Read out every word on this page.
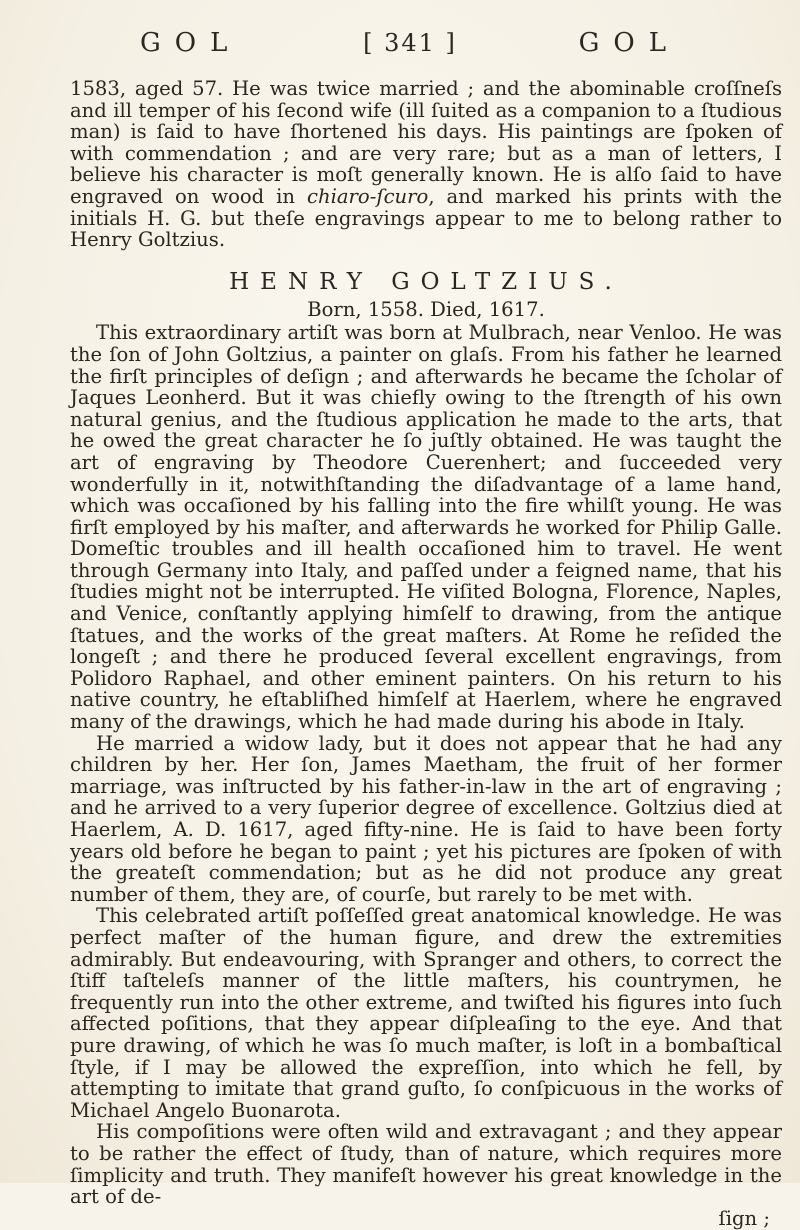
GOL	[ 341 ]	GOL

1583, aged 57. He was twice married ; and the abominable croſſneſs and ill temper of his ſecond wife (ill ſuited as a companion to a ſtudious man) is ſaid to have ſhortened his days. His paintings are ſpoken of with commendation ; and are very rare; but as a man of letters, I believe his character is moſt generally known. He is alſo ſaid to have engraved on wood in chiaro-ſcuro, and marked his prints with the initials H. G. but theſe engravings appear to me to belong rather to Henry Goltzius.

HENRY GOLTZIUS.
Born, 1558. Died, 1617.

This extraordinary artiſt was born at Mulbrach, near Venloo. He was the ſon of John Goltzius, a painter on glaſs. From his father he learned the firſt principles of deſign ; and afterwards he became the ſcholar of Jaques Leonherd. But it was chiefly owing to the ſtrength of his own natural genius, and the ſtudious application he made to the arts, that he owed the great character he ſo juſtly obtained. He was taught the art of engraving by Theodore Cuerenhert; and ſucceeded very wonderfully in it, notwithſtanding the diſadvantage of a lame hand, which was occaſioned by his falling into the fire whilſt young. He was firſt employed by his maſter, and afterwards he worked for Philip Galle. Domeſtic troubles and ill health occaſioned him to travel. He went through Germany into Italy, and paſſed under a feigned name, that his ſtudies might not be interrupted. He viſited Bologna, Florence, Naples, and Venice, conſtantly applying himſelf to drawing, from the antique ſtatues, and the works of the great maſters. At Rome he reſided the longeſt ; and there he produced ſeveral excellent engravings, from Polidoro Raphael, and other eminent painters. On his return to his native country, he eſtabliſhed himſelf at Haerlem, where he engraved many of the drawings, which he had made during his abode in Italy.

He married a widow lady, but it does not appear that he had any children by her. Her ſon, James Maetham, the fruit of her former marriage, was inſtructed by his father-in-law in the art of engraving ; and he arrived to a very ſuperior degree of excellence. Goltzius died at Haerlem, A. D. 1617, aged fifty-nine. He is ſaid to have been forty years old before he began to paint ; yet his pictures are ſpoken of with the greateſt commendation; but as he did not produce any great number of them, they are, of courſe, but rarely to be met with.

This celebrated artiſt poſſeſſed great anatomical knowledge. He was perfect maſter of the human figure, and drew the extremities admirably. But endeavouring, with Spranger and others, to correct the ſtiff taſteleſs manner of the little maſters, his countrymen, he frequently run into the other extreme, and twiſted his figures into ſuch affected poſitions, that they appear diſpleaſing to the eye. And that pure drawing, of which he was ſo much maſter, is loſt in a bombaſtical ſtyle, if I may be allowed the expreſſion, into which he fell, by attempting to imitate that grand guſto, ſo conſpicuous in the works of Michael Angelo Buonarota.

His compoſitions were often wild and extravagant ; and they appear to be rather the effect of ſtudy, than of nature, which requires more ſimplicity and truth. They manifeſt however his great knowledge in the art of de-

ſign ;
